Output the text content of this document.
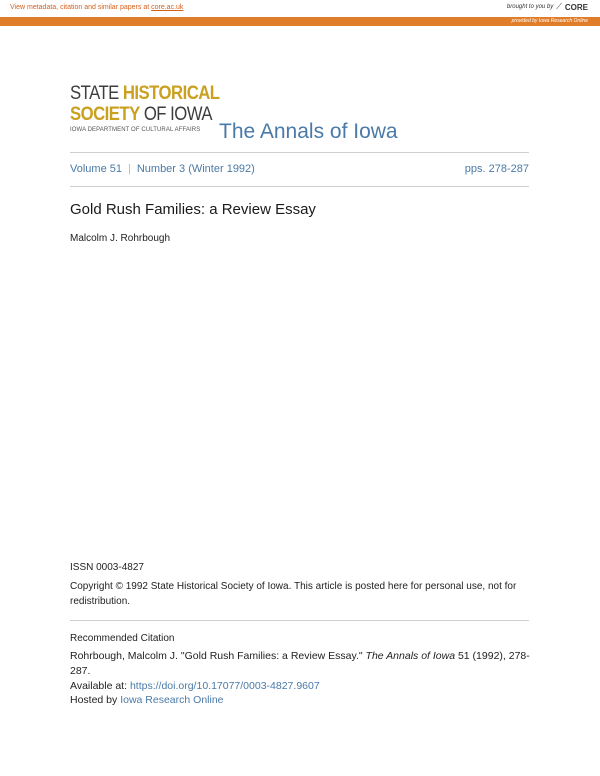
View metadata, citation and similar papers at core.ac.uk	brought to you by ⟋ CORE
provided by Iowa Research Online
STATE HISTORICAL
SOCIETY OF IOWA
IOWA DEPARTMENT OF CULTURAL AFFAIRS The Annals of Iowa
Volume 51 | Number 3 (Winter 1992)	pps. 278-287
Gold Rush Families: a Review Essay
Malcolm J. Rohrbough
ISSN 0003-4827
Copyright © 1992 State Historical Society of Iowa. This article is posted here for personal use, not for redistribution.
Recommended Citation
Rohrbough, Malcolm J. "Gold Rush Families: a Review Essay." The Annals of Iowa 51 (1992), 278-287.
Available at: https://doi.org/10.17077/0003-4827.9607
Hosted by Iowa Research Online
